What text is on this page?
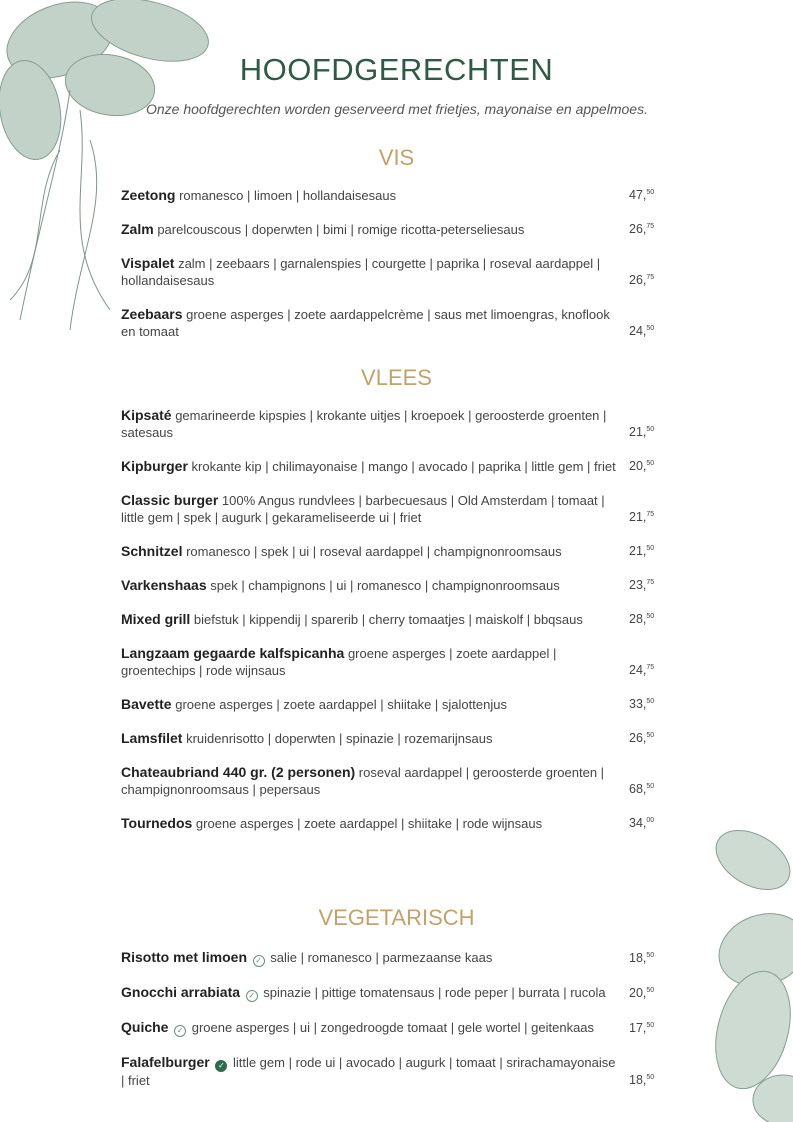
HOOFDGERECHTEN
Onze hoofdgerechten worden geserveerd met frietjes, mayonaise en appelmoes.
VIS
Zeetong romanesco | limoen | hollandaisesaus	47,50
Zalm parelcouscous | doperwten | bimi | romige ricotta-peterseliesaus	26,75
Vispalet zalm | zeebaars | garnalenspies | courgette | paprika | roseval aardappel | hollandaisesaus	26,75
Zeebaars groene asperges | zoete aardappelcrème | saus met limoengras, knoflook en tomaat	24,50
VLEES
Kipsaté gemarineerde kipspies | krokante uitjes | kroepoek | geroosterde groenten | satesaus	21,50
Kipburger krokante kip | chilimayonaise | mango | avocado | paprika | little gem | friet 20,50
Classic burger 100% Angus rundvlees | barbecuesaus | Old Amsterdam | tomaat | little gem | spek | augurk | gekarameliseerde ui | friet	21,75
Schnitzel romanesco | spek | ui | roseval aardappel | champignonroomsaus	21,50
Varkenshaas spek | champignons | ui | romanesco | champignonroomsaus	23,75
Mixed grill biefstuk | kippendij | sparerib | cherry tomaatjes | maiskolf | bbqsaus	28,50
Langzaam gegaarde kalfspicanha groene asperges | zoete aardappel | groentechips | rode wijnsaus	24,75
Bavette groene asperges | zoete aardappel | shiitake | sjalottenjus	33,50
Lamsfilet kruidenrisotto | doperwten | spinazie | rozemarijnsaus	26,50
Chateaubriand 440 gr. (2 personen) roseval aardappel | geroosterde groenten | champignonroomsaus | pepersaus	68,50
Tournedos groene asperges | zoete aardappel | shiitake | rode wijnsaus	34,00
VEGETARISCH
Risotto met limoen ✓ salie | romanesco | parmezaanse kaas	18,50
Gnocchi arrabiata ✓ spinazie | pittige tomatensaus | rode peper | burrata | rucola 20,50
Quiche ✓ groene asperges | ui | zongedroogde tomaat | gele wortel | geitenkaas	17,50
Falafelburger ✓ little gem | rode ui | avocado | augurk | tomaat | srirachamayonaise | friet	18,50
